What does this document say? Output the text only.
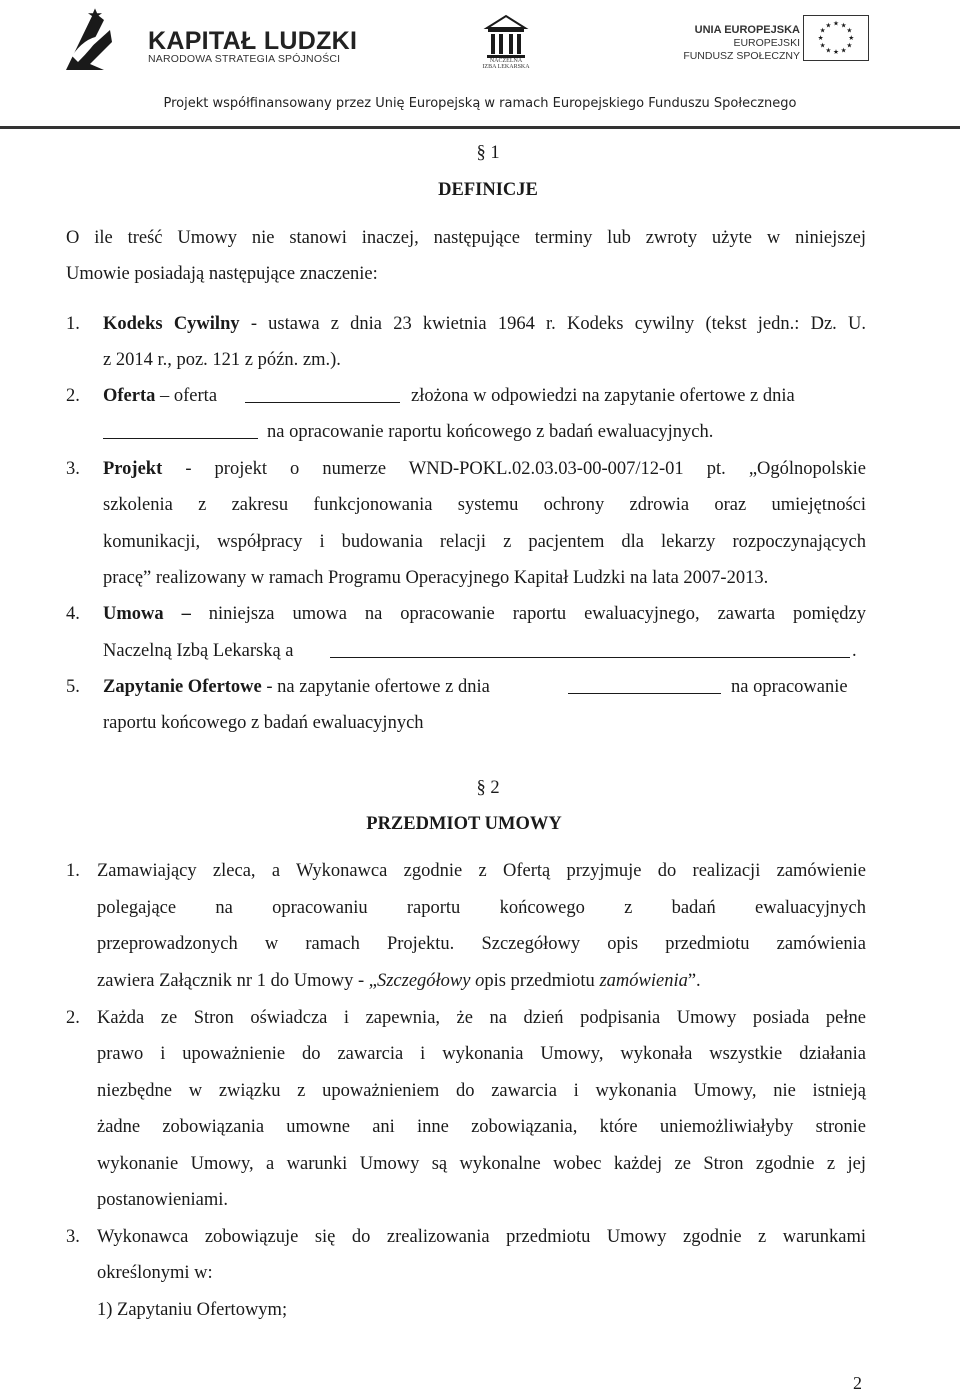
KAPITAŁ LUDZKI
NARODOWA STRATEGIA SPÓJNOŚCI	NACZELNA
IZBA LEKARSKA
UNIA EUROPEJSKA
EUROPEJSKI
FUNDUSZ SPOŁECZNY
★ ★
★
★
★
★
★
★
★
★
★
★
Projekt współfinansowany przez Unię Europejską w ramach Europejskiego Funduszu Społecznego
§ 1
DEFINICJE
O ile treść Umowy nie stanowi inaczej, następujące terminy lub zwroty użyte w niniejszej
Umowie posiadają następujące znaczenie:
1. Kodeks Cywilny - ustawa z dnia 23 kwietnia 1964 r. Kodeks cywilny (tekst jedn.: Dz. U.
z 2014 r., poz. 121 z późn. zm.).
2. Oferta – oferta	złożona w odpowiedzi na zapytanie ofertowe z dnia
na opracowanie raportu końcowego z badań ewaluacyjnych.
3. Projekt - projekt o numerze WND-POKL.02.03.03-00-007/12-01 pt. „Ogólnopolskie
szkolenia z zakresu funkcjonowania systemu ochrony zdrowia oraz umiejętności
komunikacji, współpracy i budowania relacji z pacjentem dla lekarzy rozpoczynających
pracę” realizowany w ramach Programu Operacyjnego Kapitał Ludzki na lata 2007-2013.
4. Umowa – niniejsza umowa na opracowanie raportu ewaluacyjnego, zawarta pomiędzy
Naczelną Izbą Lekarską a	.
5. Zapytanie Ofertowe - na zapytanie ofertowe z dnia	na opracowanie
raportu końcowego z badań ewaluacyjnych
§ 2
PRZEDMIOT UMOWY
1. Zamawiający zleca, a Wykonawca zgodnie z Ofertą przyjmuje do realizacji zamówienie
polegające na opracowaniu raportu końcowego z badań ewaluacyjnych
przeprowadzonych w ramach Projektu. Szczegółowy opis przedmiotu zamówienia
zawiera Załącznik nr 1 do Umowy - „Szczegółowy opis przedmiotu zamówienia”.
2. Każda ze Stron oświadcza i zapewnia, że na dzień podpisania Umowy posiada pełne
prawo i upoważnienie do zawarcia i wykonania Umowy, wykonała wszystkie działania
niezbędne w związku z upoważnieniem do zawarcia i wykonania Umowy, nie istnieją
żadne zobowiązania umowne ani inne zobowiązania, które uniemożliwiałyby stronie
wykonanie Umowy, a warunki Umowy są wykonalne wobec każdej ze Stron zgodnie z jej
postanowieniami.
3. Wykonawca zobowiązuje się do zrealizowania przedmiotu Umowy zgodnie z warunkami
określonymi w:
1) Zapytaniu Ofertowym;
2
